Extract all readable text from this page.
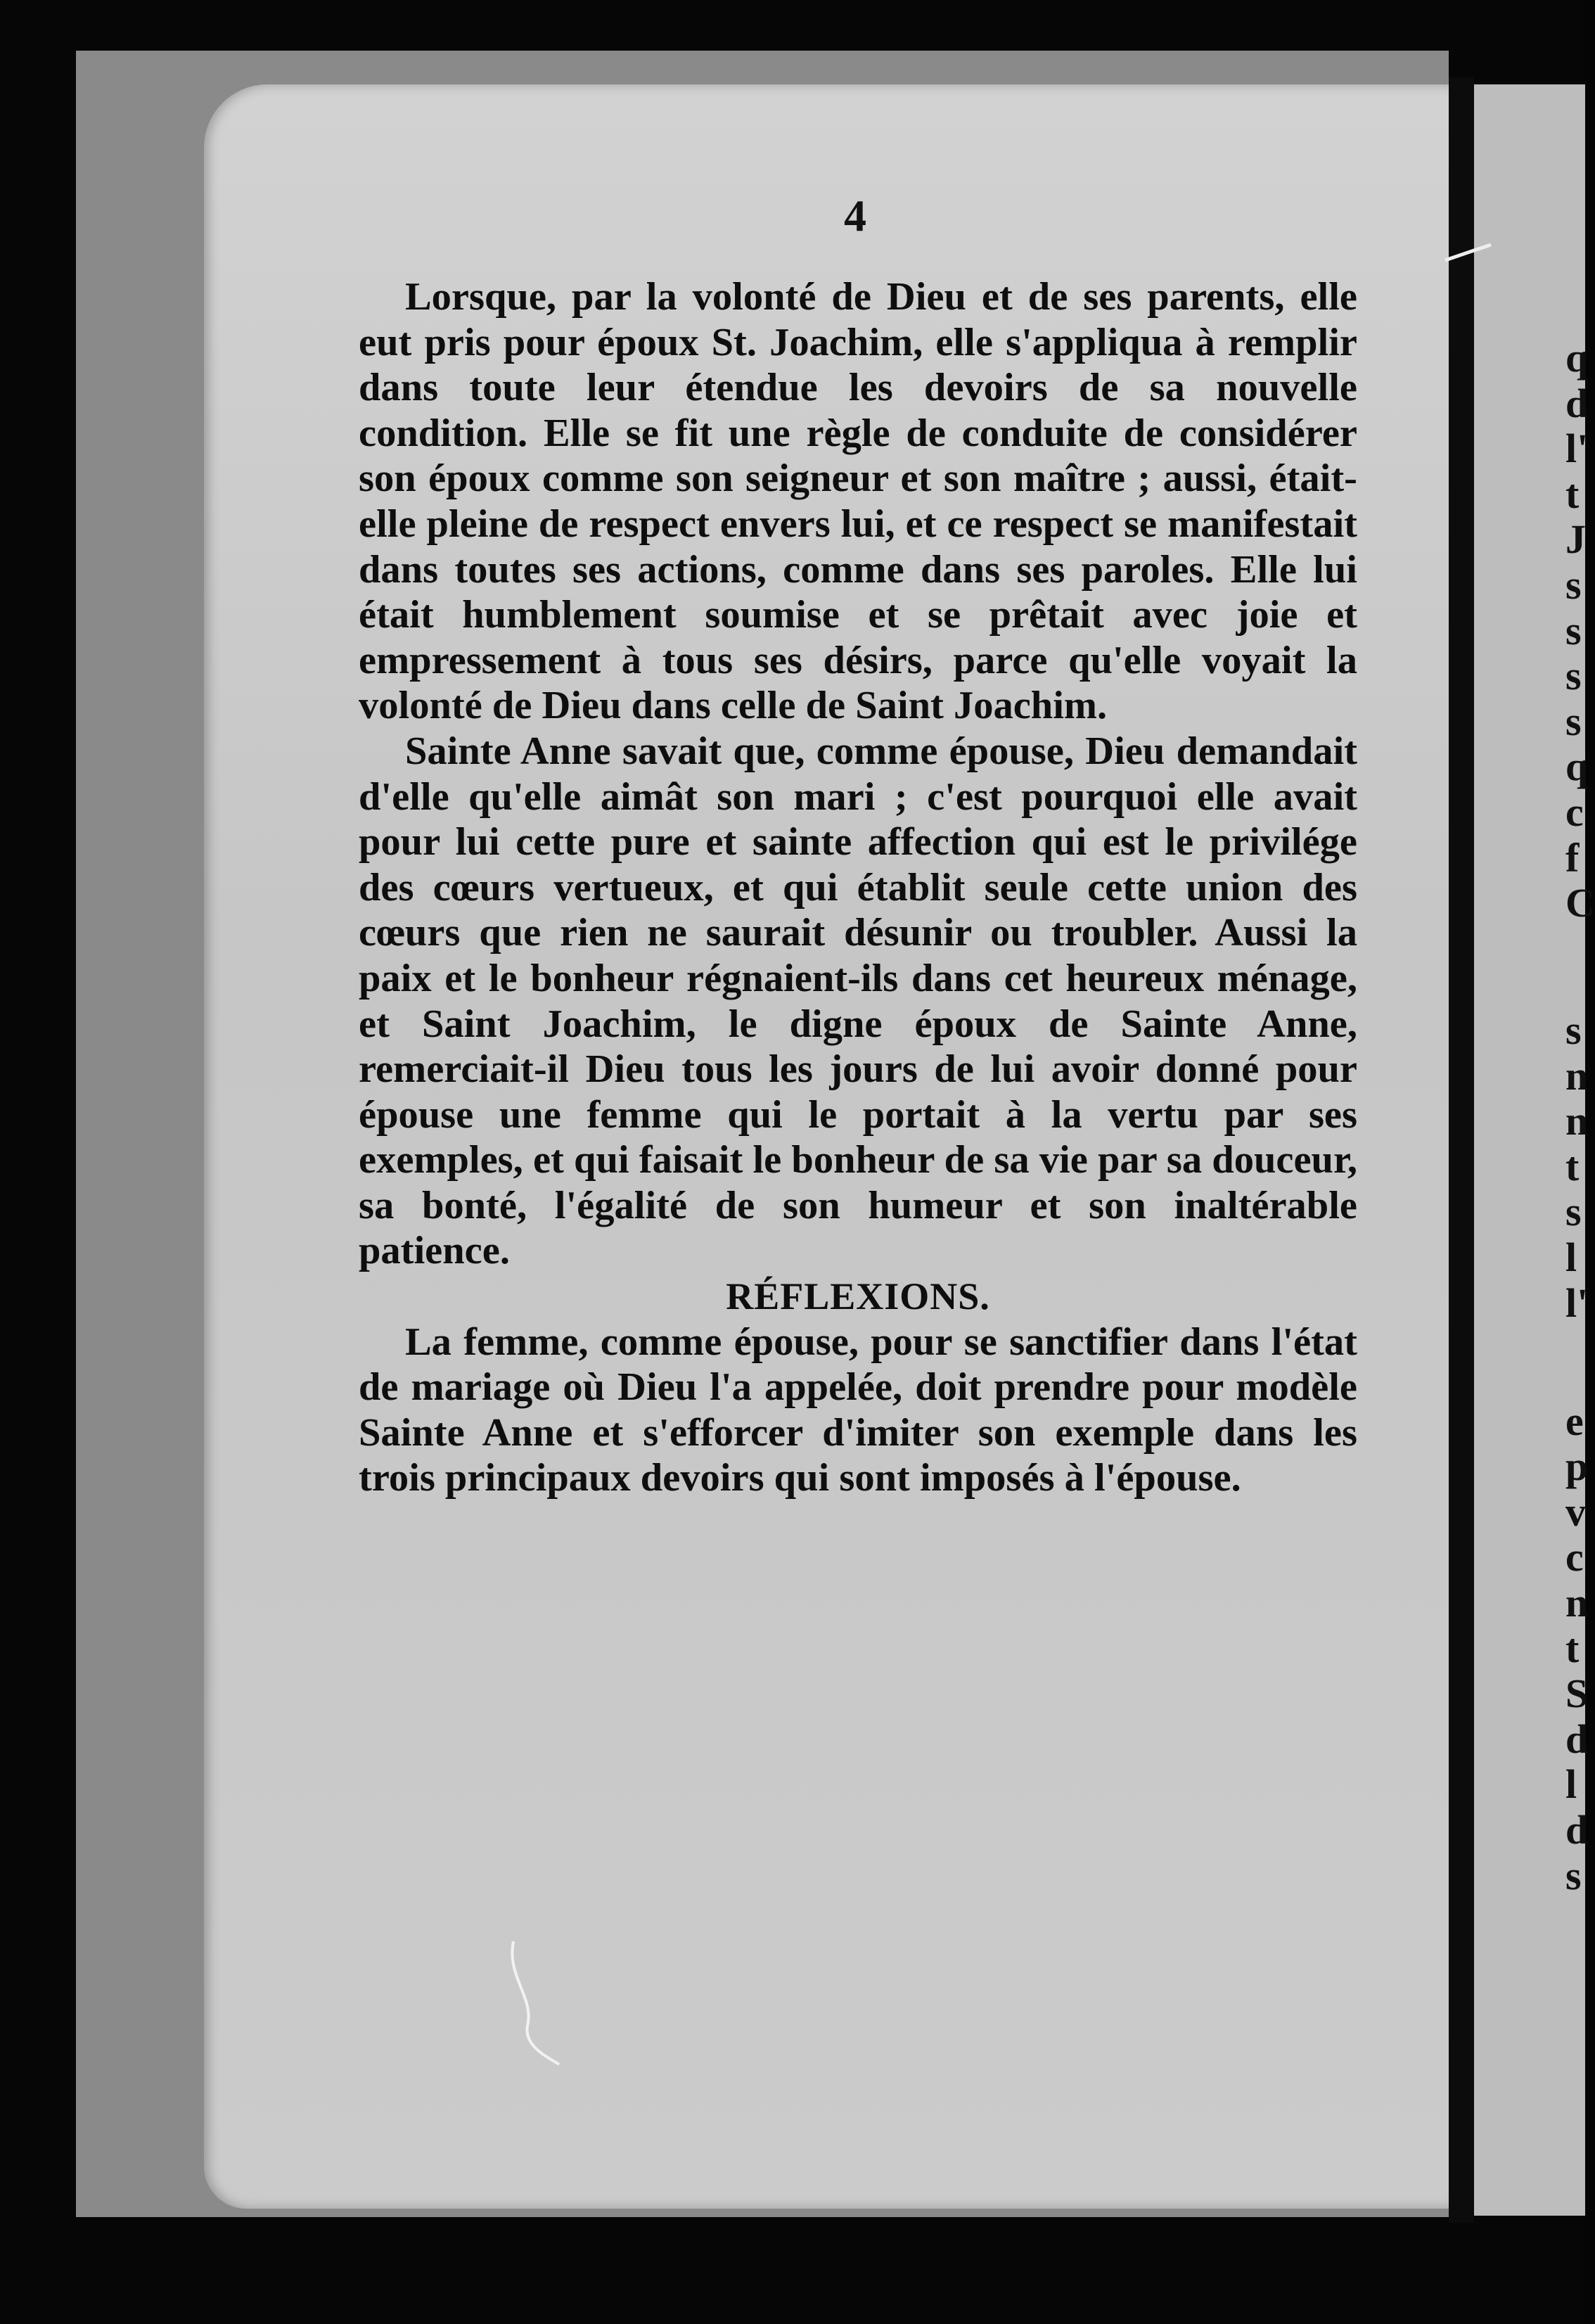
q
d
l'
t
J
s
s
s
s
q
c
f
C
s
n
n
t
s
l
l'
e
p
v
c
n
t
S
d
l
d
s
4

Lorsque, par la volonté de Dieu et de ses parents, elle eut pris pour époux St. Joachim, elle s'appliqua à remplir dans toute leur étendue les devoirs de sa nouvelle condition. Elle se fit une règle de conduite de considérer son époux comme son seigneur et son maître ; aussi, était-elle pleine de respect envers lui, et ce respect se manifestait dans toutes ses actions, comme dans ses paroles. Elle lui était humblement soumise et se prêtait avec joie et empressement à tous ses désirs, parce qu'elle voyait la volonté de Dieu dans celle de Saint Joachim.

Sainte Anne savait que, comme épouse, Dieu demandait d'elle qu'elle aimât son mari ; c'est pourquoi elle avait pour lui cette pure et sainte affection qui est le privilége des cœurs vertueux, et qui établit seule cette union des cœurs que rien ne saurait désunir ou troubler. Aussi la paix et le bonheur régnaient-ils dans cet heureux ménage, et Saint Joachim, le digne époux de Sainte Anne, remerciait-il Dieu tous les jours de lui avoir donné pour épouse une femme qui le portait à la vertu par ses exemples, et qui faisait le bonheur de sa vie par sa douceur, sa bonté, l'égalité de son humeur et son inaltérable patience.

RÉFLEXIONS.

La femme, comme épouse, pour se sanctifier dans l'état de mariage où Dieu l'a appelée, doit prendre pour modèle Sainte Anne et s'efforcer d'imiter son exemple dans les trois principaux devoirs qui sont imposés à l'épouse.
